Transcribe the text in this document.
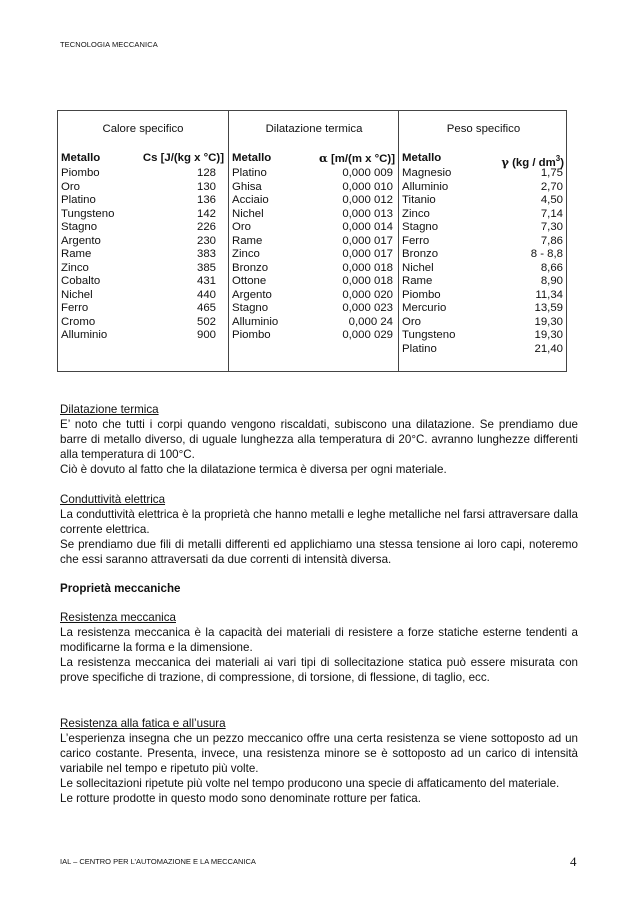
TECNOLOGIA MECCANICA
Calore specifico
Metallo	Cs [J/(kg x °C)]
Piombo	128
Oro	130
Platino	136
Tungsteno	142
Stagno	226
Argento	230
Rame	383
Zinco	385
Cobalto	431
Nichel	440
Ferro	465
Cromo	502
Alluminio	900
Dilatazione termica
Metallo	α [m/(m x °C)]
Platino	0,000 009
Ghisa	0,000 010
Acciaio	0,000 012
Nichel	0,000 013
Oro	0,000 014
Rame	0,000 017
Zinco	0,000 017
Bronzo	0,000 018
Ottone	0,000 018
Argento	0,000 020
Stagno	0,000 023
Alluminio	0,000 24
Piombo	0,000 029
Peso specifico
Metallo	γ $(kg / dm^3)$
Magnesio	1,75
Alluminio	2,70
Titanio	4,50
Zinco	7,14
Stagno	7,30
Ferro	7,86
Bronzo	8 - 8,8
Nichel	8,66
Rame	8,90
Piombo	11,34
Mercurio	13,59
Oro	19,30
Tungsteno	19,30
Platino	21,40

Dilatazione termica

E’ noto che tutti i corpi quando vengono riscaldati, subiscono una dilatazione. Se prendiamo due barre di metallo diverso, di uguale lunghezza alla temperatura di 20°C. avranno lunghezze differenti alla temperatura di 100°C.

Ciò è dovuto al fatto che la dilatazione termica è diversa per ogni materiale.

Conduttività elettrica

La conduttività elettrica è la proprietà che hanno metalli e leghe metalliche nel farsi attraversare dalla corrente elettrica.

Se prendiamo due fili di metalli differenti ed applichiamo una stessa tensione ai loro capi, noteremo che essi saranno attraversati da due correnti di intensità diversa.

Proprietà meccaniche

Resistenza meccanica

La resistenza meccanica è la capacità dei materiali di resistere a forze statiche esterne tendenti a modificarne la forma e la dimensione.

La resistenza meccanica dei materiali ai vari tipi di sollecitazione statica può essere misurata con prove specifiche di trazione, di compressione, di torsione, di flessione, di taglio, ecc.

Resistenza alla fatica e all’usura

L’esperienza insegna che un pezzo meccanico offre una certa resistenza se viene sottoposto ad un carico costante. Presenta, invece, una resistenza minore se è sottoposto ad un carico di intensità variabile nel tempo e ripetuto più volte.

Le sollecitazioni ripetute più volte nel tempo producono una specie di affaticamento del materiale.

Le rotture prodotte in questo modo sono denominate rotture per fatica.

IAL – CENTRO PER L’AUTOMAZIONE E LA MECCANICA	4
